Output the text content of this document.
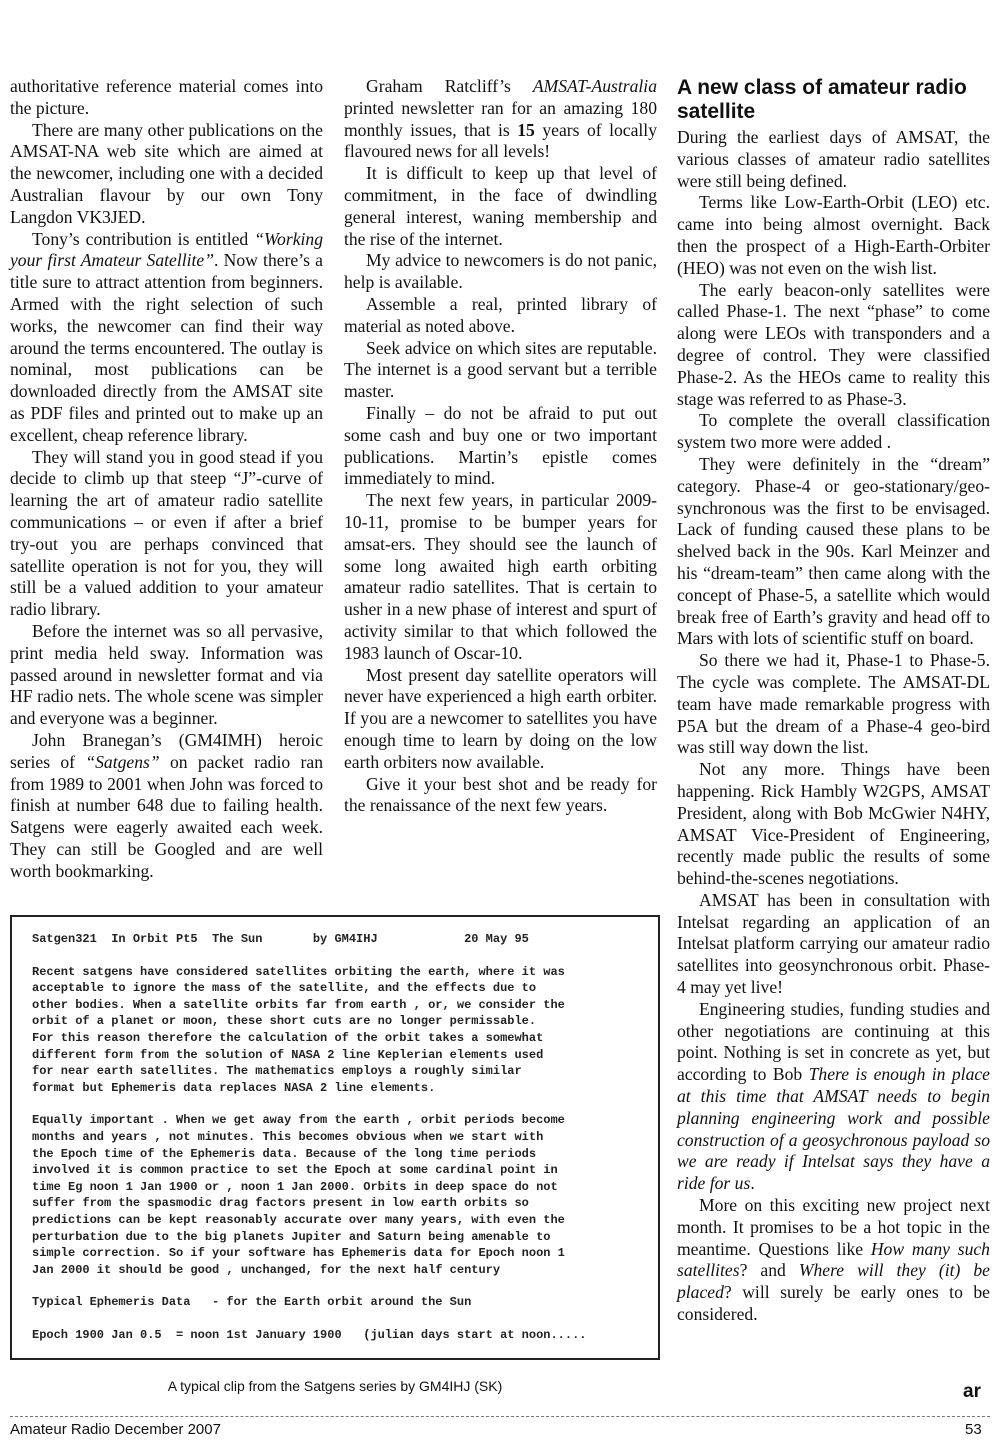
authoritative reference material comes into the picture.

There are many other publications on the AMSAT-NA web site which are aimed at the newcomer, including one with a decided Australian flavour by our own Tony Langdon VK3JED.

Tony’s contribution is entitled “Working your first Amateur Satellite”. Now there’s a title sure to attract attention from beginners. Armed with the right selection of such works, the newcomer can find their way around the terms encountered. The outlay is nominal, most publications can be downloaded directly from the AMSAT site as PDF files and printed out to make up an excellent, cheap reference library.

They will stand you in good stead if you decide to climb up that steep “J”-curve of learning the art of amateur radio satellite communications – or even if after a brief try-out you are perhaps convinced that satellite operation is not for you, they will still be a valued addition to your amateur radio library.

Before the internet was so all pervasive, print media held sway. Information was passed around in newsletter format and via HF radio nets. The whole scene was simpler and everyone was a beginner.

John Branegan’s (GM4IMH) heroic series of “Satgens” on packet radio ran from 1989 to 2001 when John was forced to finish at number 648 due to failing health. Satgens were eagerly awaited each week. They can still be Googled and are well worth bookmarking.

Graham Ratcliff’s AMSAT-Australia printed newsletter ran for an amazing 180 monthly issues, that is 15 years of locally flavoured news for all levels!

It is difficult to keep up that level of commitment, in the face of dwindling general interest, waning membership and the rise of the internet.

My advice to newcomers is do not panic, help is available.

Assemble a real, printed library of material as noted above.

Seek advice on which sites are reputable. The internet is a good servant but a terrible master.

Finally – do not be afraid to put out some cash and buy one or two important publications. Martin’s epistle comes immediately to mind.

The next few years, in particular 2009-10-11, promise to be bumper years for amsat-ers. They should see the launch of some long awaited high earth orbiting amateur radio satellites. That is certain to usher in a new phase of interest and spurt of activity similar to that which followed the 1983 launch of Oscar-10.

Most present day satellite operators will never have experienced a high earth orbiter. If you are a newcomer to satellites you have enough time to learn by doing on the low earth orbiters now available.

Give it your best shot and be ready for the renaissance of the next few years.

A new class of amateur radio satellite

During the earliest days of AMSAT, the various classes of amateur radio satellites were still being defined.

Terms like Low-Earth-Orbit (LEO) etc. came into being almost overnight. Back then the prospect of a High-Earth-Orbiter (HEO) was not even on the wish list.

The early beacon-only satellites were called Phase-1. The next “phase” to come along were LEOs with transponders and a degree of control. They were classified Phase-2. As the HEOs came to reality this stage was referred to as Phase-3.

To complete the overall classification system two more were added .

They were definitely in the “dream” category. Phase-4 or geo-stationary/geo-synchronous was the first to be envisaged. Lack of funding caused these plans to be shelved back in the 90s. Karl Meinzer and his “dream-team” then came along with the concept of Phase-5, a satellite which would break free of Earth’s gravity and head off to Mars with lots of scientific stuff on board.

So there we had it, Phase-1 to Phase-5. The cycle was complete. The AMSAT-DL team have made remarkable progress with P5A but the dream of a Phase-4 geo-bird was still way down the list.

Not any more. Things have been happening. Rick Hambly W2GPS, AMSAT President, along with Bob McGwier N4HY, AMSAT Vice-President of Engineering, recently made public the results of some behind-the-scenes negotiations.

AMSAT has been in consultation with Intelsat regarding an application of an Intelsat platform carrying our amateur radio satellites into geosynchronous orbit. Phase-4 may yet live!

Engineering studies, funding studies and other negotiations are continuing at this point. Nothing is set in concrete as yet, but according to Bob There is enough in place at this time that AMSAT needs to begin planning engineering work and possible construction of a geosychronous payload so we are ready if Intelsat says they have a ride for us.

More on this exciting new project next month. It promises to be a hot topic in the meantime. Questions like How many such satellites? and Where will they (it) be placed? will surely be early ones to be considered.

Satgen321  In Orbit Pt5  The Sun       by GM4IHJ            20 May 95
Recent satgens have considered satellites orbiting the earth, where it was
acceptable to ignore the mass of the satellite, and the effects due to
other bodies. When a satellite orbits far from earth , or, we consider the
orbit of a planet or moon, these short cuts are no longer permissable.
For this reason therefore the calculation of the orbit takes a somewhat
different form from the solution of NASA 2 line Keplerian elements used
for near earth satellites. The mathematics employs a roughly similar
format but Ephemeris data replaces NASA 2 line elements.
Equally important . When we get away from the earth , orbit periods become
months and years , not minutes. This becomes obvious when we start with
the Epoch time of the Ephemeris data. Because of the long time periods
involved it is common practice to set the Epoch at some cardinal point in
time Eg noon 1 Jan 1900 or , noon 1 Jan 2000. Orbits in deep space do not
suffer from the spasmodic drag factors present in low earth orbits so
predictions can be kept reasonably accurate over many years, with even the
perturbation due to the big planets Jupiter and Saturn being amenable to
simple correction. So if your software has Ephemeris data for Epoch noon 1
Jan 2000 it should be good , unchanged, for the next half century
Typical Ephemeris Data   - for the Earth orbit around the Sun
Epoch 1900 Jan 0.5  = noon 1st January 1900   (julian days start at noon.....
A typical clip from the Satgens series by GM4IHJ (SK)	ar
Amateur Radio December 2007	53
